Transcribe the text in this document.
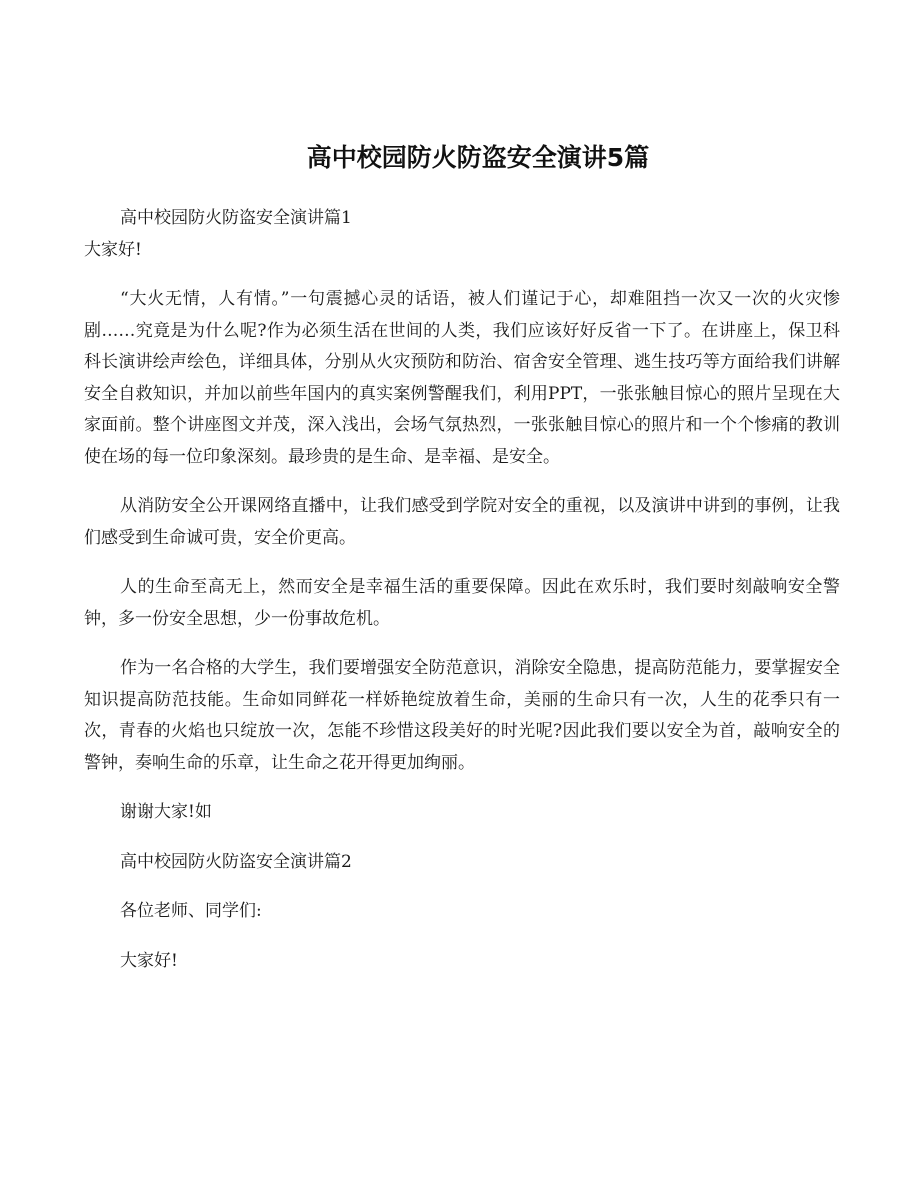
高中校园防火防盗安全演讲5篇

高中校园防火防盗安全演讲篇1

大家好!

“大火无情，人有情。”一句震撼心灵的话语，被人们谨记于心，却难阻挡一次又一次的火灾惨剧……究竟是为什么呢?作为必须生活在世间的人类，我们应该好好反省一下了。在讲座上，保卫科科长演讲绘声绘色，详细具体，分别从火灾预防和防治、宿舍安全管理、逃生技巧等方面给我们讲解安全自救知识，并加以前些年国内的真实案例警醒我们，利用PPT，一张张触目惊心的照片呈现在大家面前。整个讲座图文并茂，深入浅出，会场气氛热烈，一张张触目惊心的照片和一个个惨痛的教训使在场的每一位印象深刻。最珍贵的是生命、是幸福、是安全。

从消防安全公开课网络直播中，让我们感受到学院对安全的重视，以及演讲中讲到的事例，让我们感受到生命诚可贵，安全价更高。

人的生命至高无上，然而安全是幸福生活的重要保障。因此在欢乐时，我们要时刻敲响安全警钟，多一份安全思想，少一份事故危机。

作为一名合格的大学生，我们要增强安全防范意识，消除安全隐患，提高防范能力，要掌握安全知识提高防范技能。生命如同鲜花一样娇艳绽放着生命，美丽的生命只有一次，人生的花季只有一次，青春的火焰也只绽放一次，怎能不珍惜这段美好的时光呢?因此我们要以安全为首，敲响安全的警钟，奏响生命的乐章，让生命之花开得更加绚丽。

谢谢大家!如

高中校园防火防盗安全演讲篇2

各位老师、同学们:

大家好!
